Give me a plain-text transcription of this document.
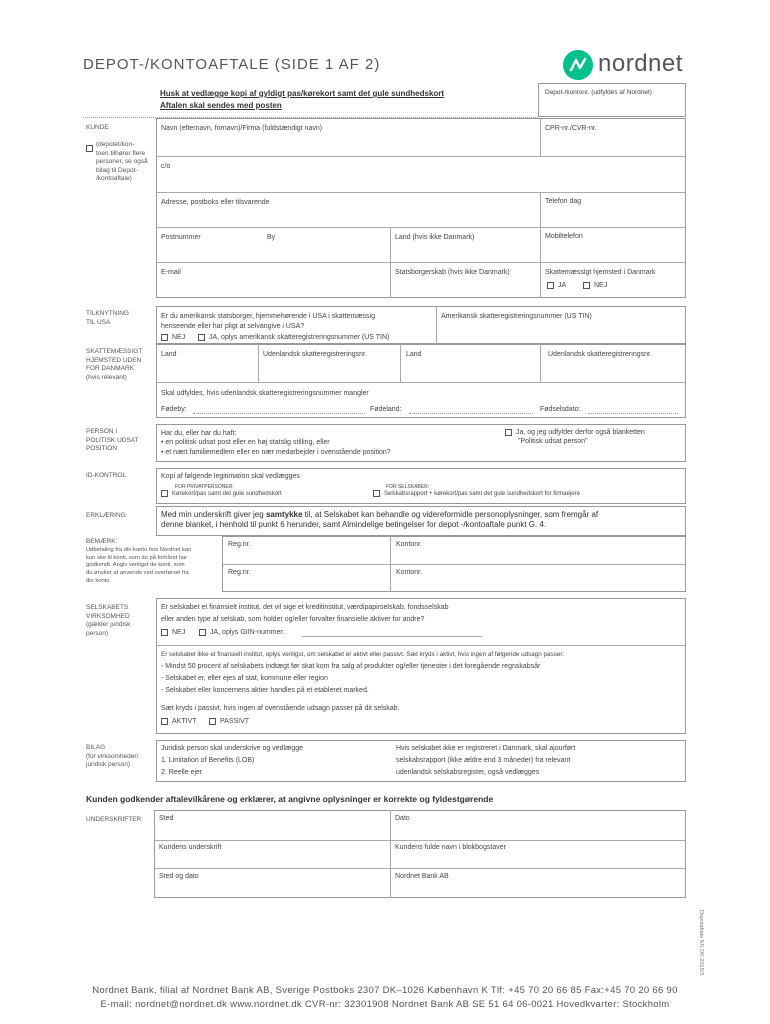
DEPOT-/KONTOAFTALE (SIDE 1 AF 2)	nordnet
Husk at vedlægge kopi af gyldigt pas/kørekort samt det gule sundhedskort
Aftalen skal sendes med posten
Depot-/kontonr. (udfyldes af Nordnet)
KUNDE
(depotet/kon-
toen tilhører flere
personer, se også
bilag til Depot-
/kontoaftale)
Navn (efternavn, fornavn)/Firma (fuldstændigt navn)	CPR-nr./CVR-nr.
c/o
Adresse, postboks eller tilsvarende	Telefon dag
Postnummer	By	Land (hvis ikke Danmark)	Mobiltelefon
E-mail	Statsborgerskab (hvis ikke Danmark)	Skattemæssigt hjemsted i Danmark
JA	NEJ
TILKNYTNING
TIL USA
Er du amerikansk statsborger, hjemmehørende i USA i skattemæssig
henseende eller har pligt at selvangive i USA?
NEJ	JA, oplys amerikansk skatteregistreringsnummer (US TIN)
Amerikansk skatteregistreringsnummer (US TIN)
SKATTEMÆSSIGT
HJEMSTED UDEN
FOR DANMARK
(hvis relevant)
Land	Udenlandsk skatteregistreringsnr.	Land	Udenlandsk skatteregistreringsnr.
Skal udfyldes, hvis udenlandsk skatteregistreringsnummer mangler
Fødeby:	Fødeland:	Fødselsdato:
PERSON I
POLITISK UDSAT
POSITION
Har du, eller har du haft:
• en politisk udsat post eller en høj statslig stilling, eller
• et nært familiemedlem eller en nær medarbejder i ovenstående position?
Ja, og jeg udfylder derfor også blanketten
"Politisk udsat person"
ID-KONTROL	Kopi af følgende legitimation skal vedlægges
FOR PRIVATPERSONER:
Kørekort/pas samt det gule sundhedskort
FOR SELSKABER:
Selskabsrapport + kørekort/pas samt det gule sundhedskort for firmaejere
ERKLÆRING	Med min underskrift giver jeg samtykke til, at Selskabet kan behandle og videreformidle personoplysninger, som fremgår af
denne blanket, i henhold til punkt 6 herunder, samt Almindelige betingelser for depot -/kontoaftale punkt G. 4.
BEMÆRK:
Udbetaling fra din konto hos Nordnet kan
kun ske til konti, som du på forhånd har
godkendt. Angiv venligst de konti, som
du ønsker at anvende ved overførsel fra
din konto.
Reg.nr.	Kontonr.
Reg.nr.	Kontonr.
SELSKABETS
VIRKSOMHED
(gælder juridisk
person)
Er selskabet et finansielt institut, det vil sige et kreditinstitut, værdipapirselskab, fondsselskab
eller anden type af selskab, som holder og/eller forvalter finansielle aktiver for andre?
NEJ	JA, oplys GIIN-nummer:
Er selskabet ikke et finansielt institut, oplys venligst, om selskabet er aktivt eller passivt. Sæt kryds i aktivt, hvis ingen af følgende udsagn passer:
- Mindst 50 procent af selskabets indtægt før skat kom fra salg af produkter og/eller tjenester i det foregående regnskabsår
- Selskabet er, eller ejes af stat, kommune eller region
- Selskabet eller koncernens aktier handles på et etableret marked.
Sæt kryds i passivt, hvis ingen af ovenstående udsagn passer på dit selskab.
AKTIVT	PASSIVT
BILAG
(for virksomheder/
juridisk person)
Juridisk person skal underskrive og vedlægge
1. Limitation of Benefits (LOB)
2. Reelle ejer
Hvis selskabet ikke er registreret i Danmark, skal ajourført
selskabsrapport (ikke ældre end 3 måneder) fra relevant
udenlandsk selskabsregister, også vedlægges
Kunden godkender aftalevilkårene og erklærer, at angivne oplysninger er korrekte og fyldestgørende
UNDERSKRIFTER	Sted	Dato
Kundens underskrift	Kundens fulde navn i blokbogstaver
Sted og dato	Nordnet Bank AB
Depotaftale NN DK 2015/3
Nordnet Bank, filial af Nordnet Bank AB, Sverige Postboks 2307 DK–1026 København K Tlf: +45 70 20 66 85 Fax:+45 70 20 66 90
E-mail: nordnet@nordnet.dk www.nordnet.dk CVR-nr: 32301908 Nordnet Bank AB SE 51 64 06-0021 Hovedkvarter: Stockholm
